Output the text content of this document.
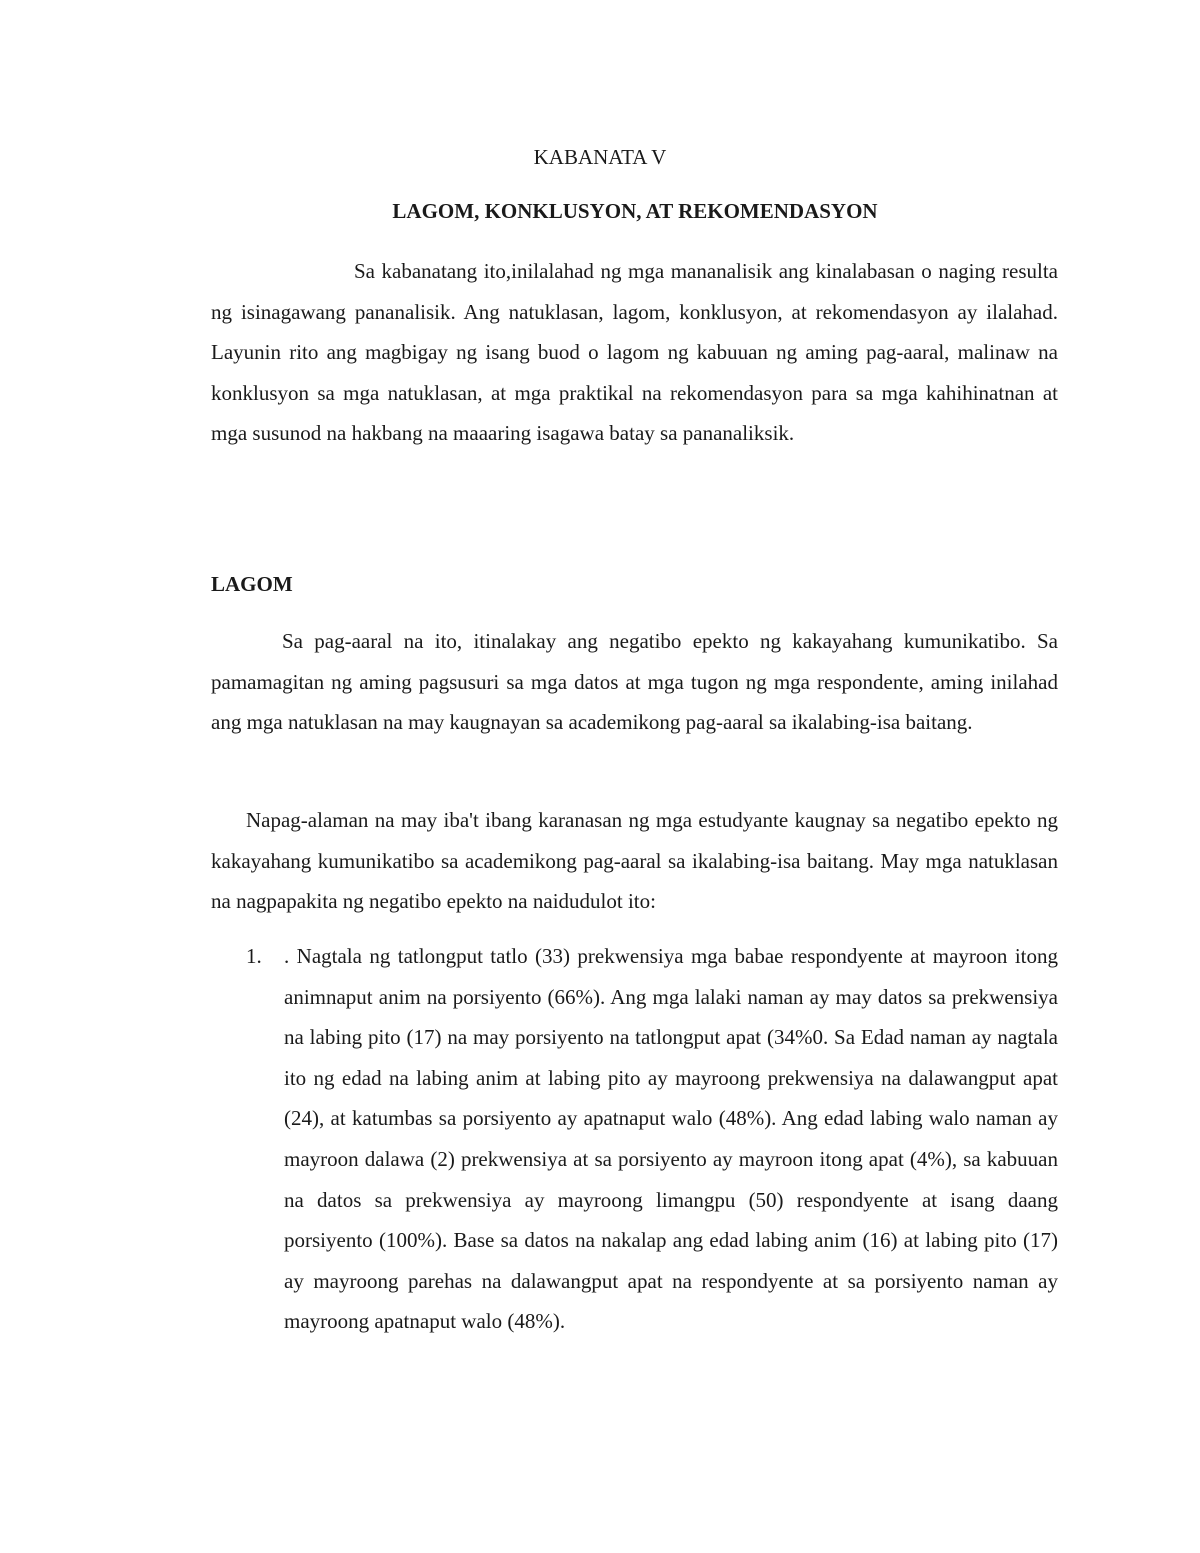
KABANATA V
LAGOM, KONKLUSYON, AT REKOMENDASYON

Sa kabanatang ito,inilalahad ng mga mananalisik ang kinalabasan o naging resulta ng isinagawang pananalisik. Ang natuklasan, lagom, konklusyon, at rekomendasyon ay ilalahad. Layunin rito ang magbigay ng isang buod o lagom ng kabuuan ng aming pag-aaral, malinaw na konklusyon sa mga natuklasan, at mga praktikal na rekomendasyon para sa mga kahihinatnan at mga susunod na hakbang na maaaring isagawa batay sa pananaliksik.

LAGOM

Sa pag-aaral na ito, itinalakay ang negatibo epekto ng kakayahang kumunikatibo. Sa pamamagitan ng aming pagsusuri sa mga datos at mga tugon ng mga respondente, aming inilahad ang mga natuklasan na may kaugnayan sa academikong pag-aaral sa ikalabing-isa baitang.

Napag-alaman na may iba't ibang karanasan ng mga estudyante kaugnay sa negatibo epekto ng kakayahang kumunikatibo sa academikong pag-aaral sa ikalabing-isa baitang. May mga natuklasan na nagpapakita ng negatibo epekto na naidudulot ito:

1. . Nagtala ng tatlongput tatlo (33) prekwensiya mga babae respondyente at mayroon itong animnaput anim na porsiyento (66%). Ang mga lalaki naman ay may datos sa prekwensiya na labing pito (17) na may porsiyento na tatlongput apat (34%0. Sa Edad naman ay nagtala ito ng edad na labing anim at labing pito ay mayroong prekwensiya na dalawangput apat (24), at katumbas sa porsiyento ay apatnaput walo (48%). Ang edad labing walo naman ay mayroon dalawa (2) prekwensiya at sa porsiyento ay mayroon itong apat (4%), sa kabuuan na datos sa prekwensiya ay mayroong limangpu (50) respondyente at isang daang porsiyento (100%). Base sa datos na nakalap ang edad labing anim (16) at labing pito (17) ay mayroong parehas na dalawangput apat na respondyente at sa porsiyento naman ay mayroong apatnaput walo (48%).
